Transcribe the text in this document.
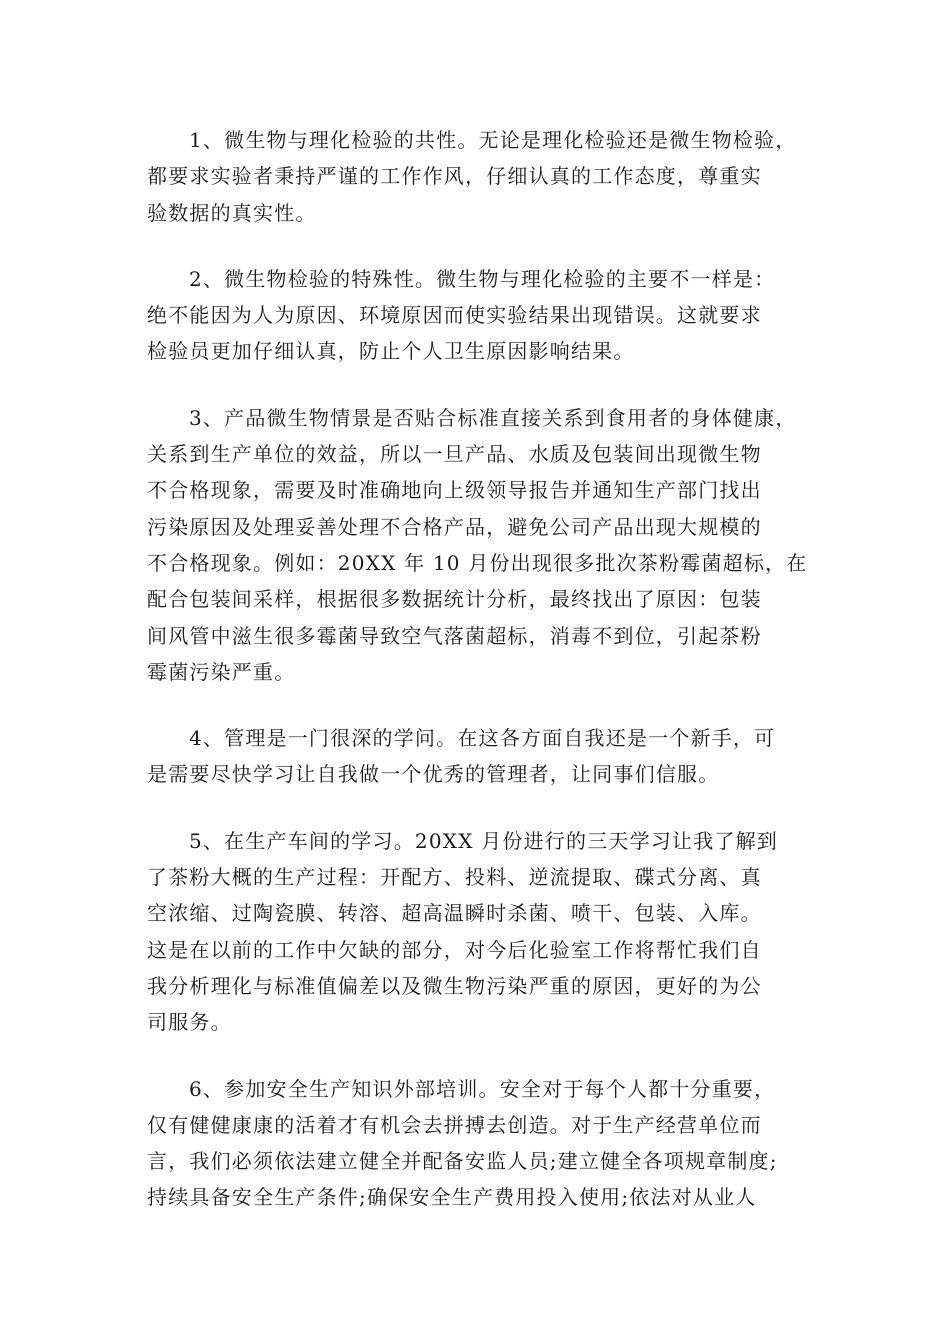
1、微生物与理化检验的共性。无论是理化检验还是微生物检验，
都要求实验者秉持严谨的工作作风，仔细认真的工作态度，尊重实
验数据的真实性。
2、微生物检验的特殊性。微生物与理化检验的主要不一样是：
绝不能因为人为原因、环境原因而使实验结果出现错误。这就要求
检验员更加仔细认真，防止个人卫生原因影响结果。
3、产品微生物情景是否贴合标准直接关系到食用者的身体健康，
关系到生产单位的效益，所以一旦产品、水质及包装间出现微生物
不合格现象，需要及时准确地向上级领导报告并通知生产部门找出
污染原因及处理妥善处理不合格产品，避免公司产品出现大规模的
不合格现象。例如：20XX 年 10 月份出现很多批次茶粉霉菌超标，在
配合包装间采样，根据很多数据统计分析，最终找出了原因：包装
间风管中滋生很多霉菌导致空气落菌超标，消毒不到位，引起茶粉
霉菌污染严重。
4、管理是一门很深的学问。在这各方面自我还是一个新手，可
是需要尽快学习让自我做一个优秀的管理者，让同事们信服。
5、在生产车间的学习。20XX 月份进行的三天学习让我了解到
了茶粉大概的生产过程：开配方、投料、逆流提取、碟式分离、真
空浓缩、过陶瓷膜、转溶、超高温瞬时杀菌、喷干、包装、入库。
这是在以前的工作中欠缺的部分，对今后化验室工作将帮忙我们自
我分析理化与标准值偏差以及微生物污染严重的原因，更好的为公
司服务。
6、参加安全生产知识外部培训。安全对于每个人都十分重要，
仅有健健康康的活着才有机会去拼搏去创造。对于生产经营单位而
言，我们必须依法建立健全并配备安监人员;建立健全各项规章制度;
持续具备安全生产条件;确保安全生产费用投入使用;依法对从业人
